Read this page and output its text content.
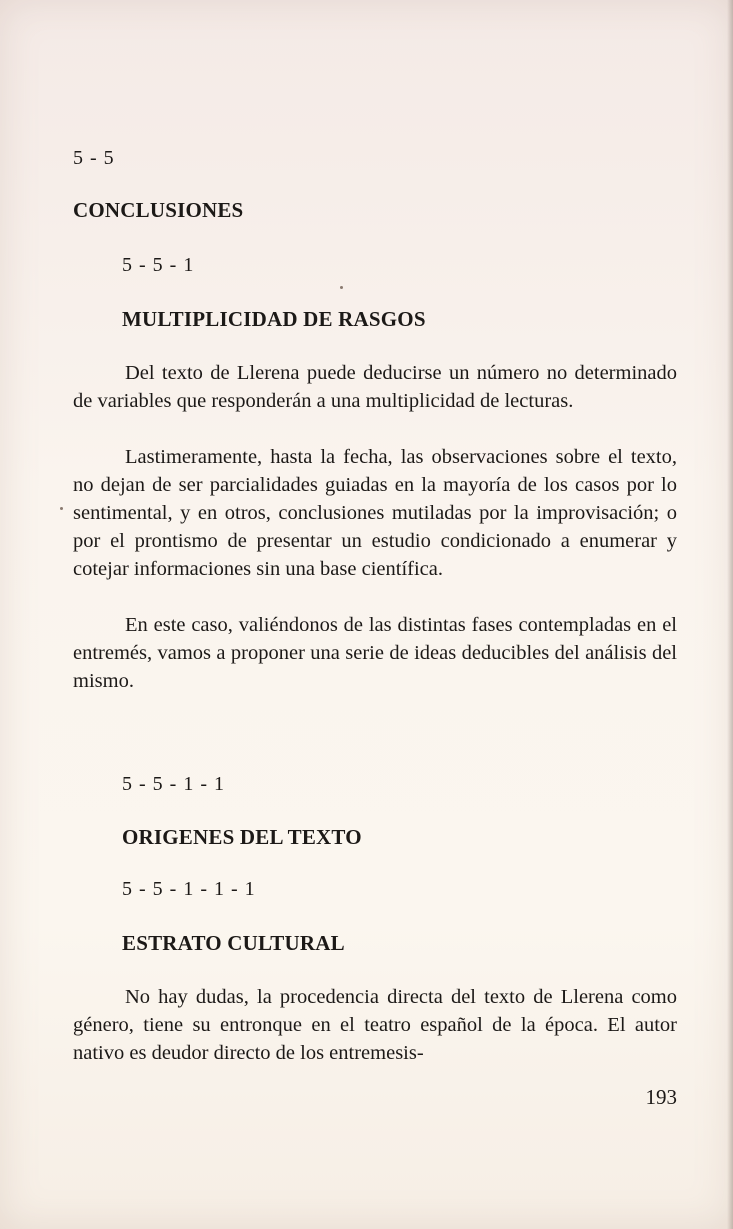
5 - 5
CONCLUSIONES
5 - 5 - 1
MULTIPLICIDAD DE RASGOS

Del texto de Llerena puede deducirse un número no determinado de variables que responderán a una multiplicidad de lecturas.

Lastimeramente, hasta la fecha, las observaciones sobre el texto, no dejan de ser parcialidades guiadas en la mayoría de los casos por lo sentimental, y en otros, conclusiones mutiladas por la improvisación; o por el prontismo de presentar un estudio condicionado a enumerar y cotejar informaciones sin una base científica.

En este caso, valiéndonos de las distintas fases contempladas en el entremés, vamos a proponer una serie de ideas deducibles del análisis del mismo.

5 - 5 - 1 - 1
ORIGENES DEL TEXTO
5 - 5 - 1 - 1 - 1
ESTRATO CULTURAL

No hay dudas, la procedencia directa del texto de Llerena como género, tiene su entronque en el teatro español de la época. El autor nativo es deudor directo de los entremesis-

193
